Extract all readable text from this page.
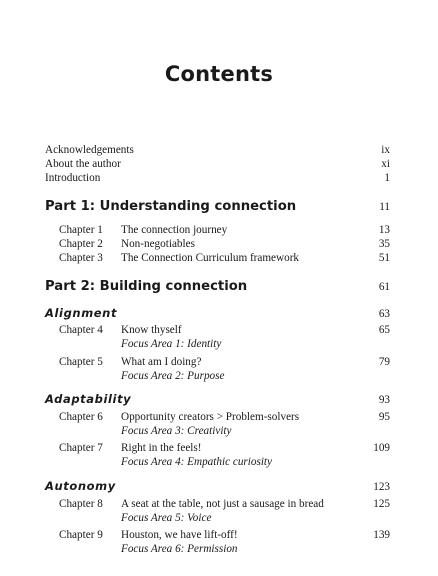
Contents
Acknowledgements	ix
About the author	xi
Introduction	1
Part 1: Understanding connection	11
Chapter 1	The connection journey	13
Chapter 2	Non-negotiables	35
Chapter 3	The Connection Curriculum framework	51
Part 2: Building connection	61
Alignment	63
Chapter 4	Know thyself	65
Focus Area 1: Identity
Chapter 5	What am I doing?	79
Focus Area 2: Purpose
Adaptability	93
Chapter 6	Opportunity creators > Problem-solvers	95
Focus Area 3: Creativity
Chapter 7	Right in the feels!	109
Focus Area 4: Empathic curiosity
Autonomy	123
Chapter 8	A seat at the table, not just a sausage in bread	125
Focus Area 5: Voice
Chapter 9	Houston, we have lift-off!	139
Focus Area 6: Permission
